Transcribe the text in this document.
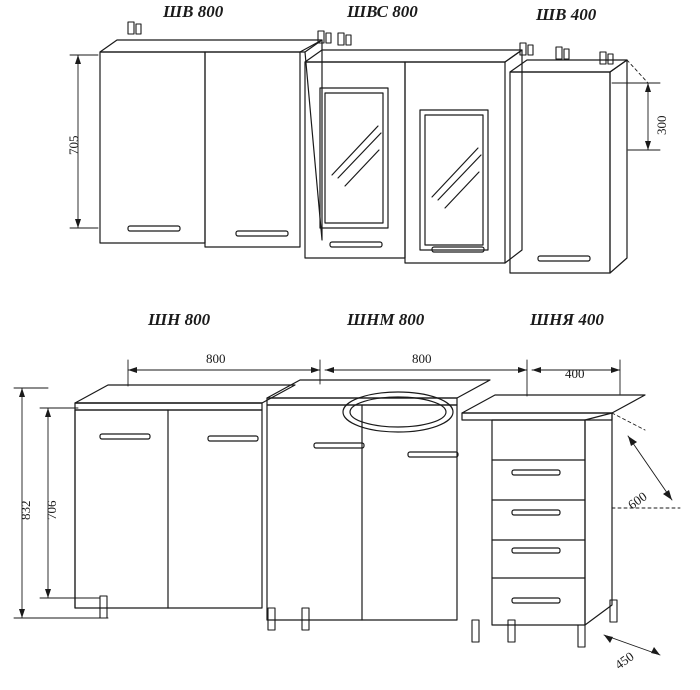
ШВ 800	ШВС 800	ШВ 400
ШН 800	ШНМ 800	ШНЯ 400
705
300
800	800
400
832 706	600
450
